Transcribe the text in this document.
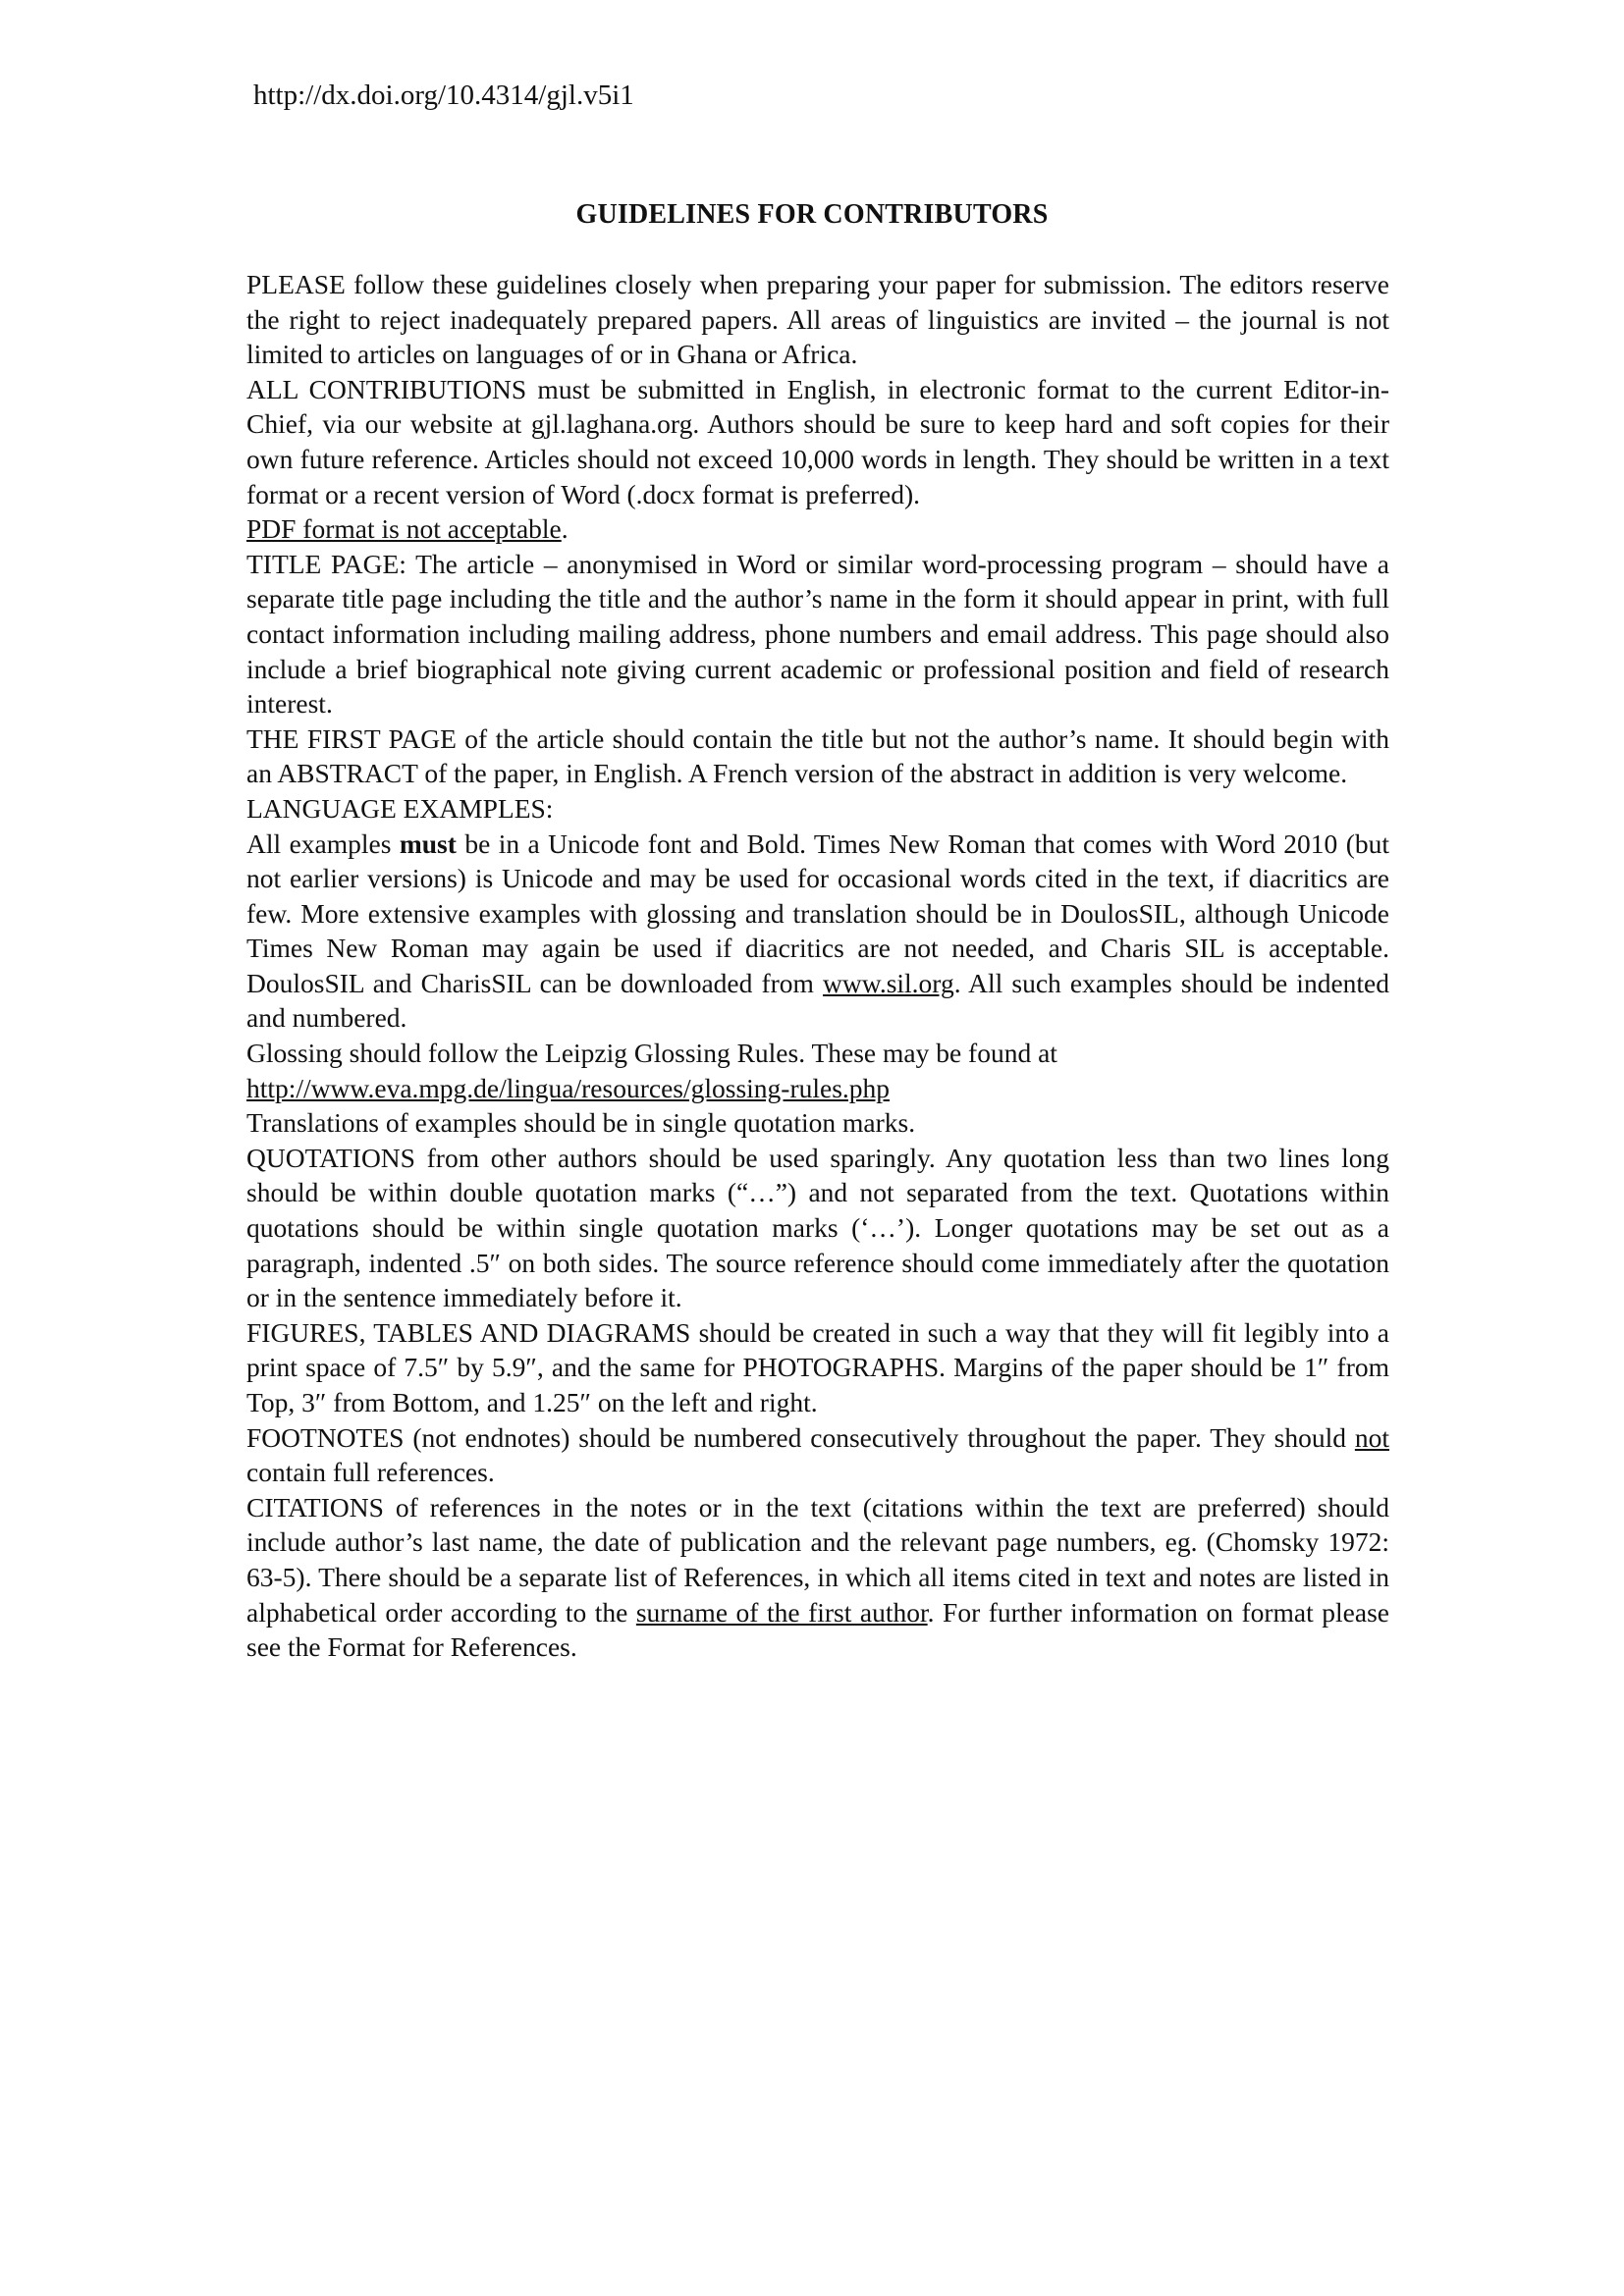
http://dx.doi.org/10.4314/gjl.v5i1
GUIDELINES FOR CONTRIBUTORS

PLEASE follow these guidelines closely when preparing your paper for submission. The editors reserve the right to reject inadequately prepared papers. All areas of linguistics are invited – the journal is not limited to articles on languages of or in Ghana or Africa.

ALL CONTRIBUTIONS must be submitted in English, in electronic format to the current Editor-in-Chief, via our website at gjl.laghana.org. Authors should be sure to keep hard and soft copies for their own future reference. Articles should not exceed 10,000 words in length. They should be written in a text format or a recent version of Word (.docx format is preferred).
PDF format is not acceptable.

TITLE PAGE: The article – anonymised in Word or similar word-processing program – should have a separate title page including the title and the author’s name in the form it should appear in print, with full contact information including mailing address, phone numbers and email address. This page should also include a brief biographical note giving current academic or professional position and field of research interest.

THE FIRST PAGE of the article should contain the title but not the author’s name. It should begin with an ABSTRACT of the paper, in English. A French version of the abstract in addition is very welcome.

LANGUAGE EXAMPLES:

All examples must be in a Unicode font and Bold. Times New Roman that comes with Word 2010 (but not earlier versions) is Unicode and may be used for occasional words cited in the text, if diacritics are few. More extensive examples with glossing and translation should be in DoulosSIL, although Unicode Times New Roman may again be used if diacritics are not needed, and Charis SIL is acceptable. DoulosSIL and CharisSIL can be downloaded from www.sil.org. All such examples should be indented and numbered.

Glossing should follow the Leipzig Glossing Rules. These may be found at
http://www.eva.mpg.de/lingua/resources/glossing-rules.php

Translations of examples should be in single quotation marks.

QUOTATIONS from other authors should be used sparingly. Any quotation less than two lines long should be within double quotation marks (“…”) and not separated from the text. Quotations within quotations should be within single quotation marks (‘…’). Longer quotations may be set out as a paragraph, indented .5″ on both sides. The source reference should come immediately after the quotation or in the sentence immediately before it.

FIGURES, TABLES AND DIAGRAMS should be created in such a way that they will fit legibly into a print space of 7.5″ by 5.9″, and the same for PHOTOGRAPHS. Margins of the paper should be 1″ from Top, 3″ from Bottom, and 1.25″ on the left and right.

FOOTNOTES (not endnotes) should be numbered consecutively throughout the paper. They should not contain full references.

CITATIONS of references in the notes or in the text (citations within the text are preferred) should include author’s last name, the date of publication and the relevant page numbers, eg. (Chomsky 1972: 63-5). There should be a separate list of References, in which all items cited in text and notes are listed in alphabetical order according to the surname of the first author. For further information on format please see the Format for References.
